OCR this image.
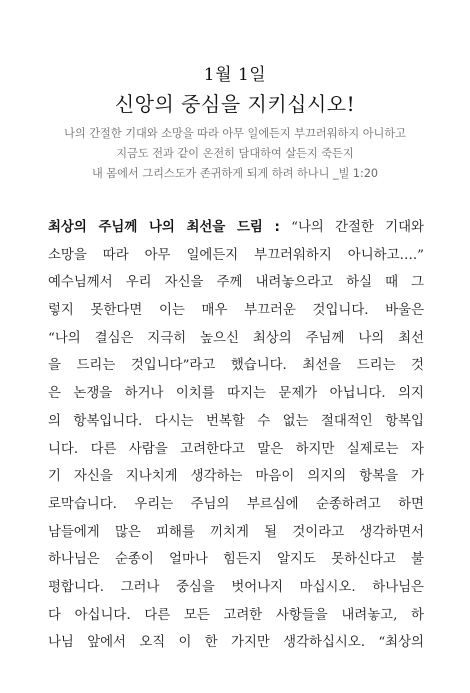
1월 1일
신앙의 중심을 지키십시오!
나의 간절한 기대와 소망을 따라 아무 일에든지 부끄러워하지 아니하고
지금도 전과 같이 온전히 담대하여 살든지 죽든지
내 몸에서 그리스도가 존귀하게 되게 하려 하나니 _빌 1:20
최상의 주님께 나의 최선을 드림 : “나의 간절한 기대와
소망을 따라 아무 일에든지 부끄러워하지 아니하고….”
예수님께서 우리 자신을 주께 내려놓으라고 하실 때 그
렇지 못한다면 이는 매우 부끄러운 것입니다. 바울은
“나의 결심은 지극히 높으신 최상의 주님께 나의 최선
을 드리는 것입니다”라고 했습니다. 최선을 드리는 것
은 논쟁을 하거나 이치를 따지는 문제가 아닙니다. 의지
의 항복입니다. 다시는 번복할 수 없는 절대적인 항복입
니다. 다른 사람을 고려한다고 말은 하지만 실제로는 자
기 자신을 지나치게 생각하는 마음이 의지의 항복을 가
로막습니다. 우리는 주님의 부르심에 순종하려고 하면
남들에게 많은 피해를 끼치게 될 것이라고 생각하면서
하나님은 순종이 얼마나 힘든지 알지도 못하신다고 불
평합니다. 그러나 중심을 벗어나지 마십시오. 하나님은
다 아십니다. 다른 모든 고려한 사항들을 내려놓고, 하
나님 앞에서 오직 이 한 가지만 생각하십시오. “최상의
